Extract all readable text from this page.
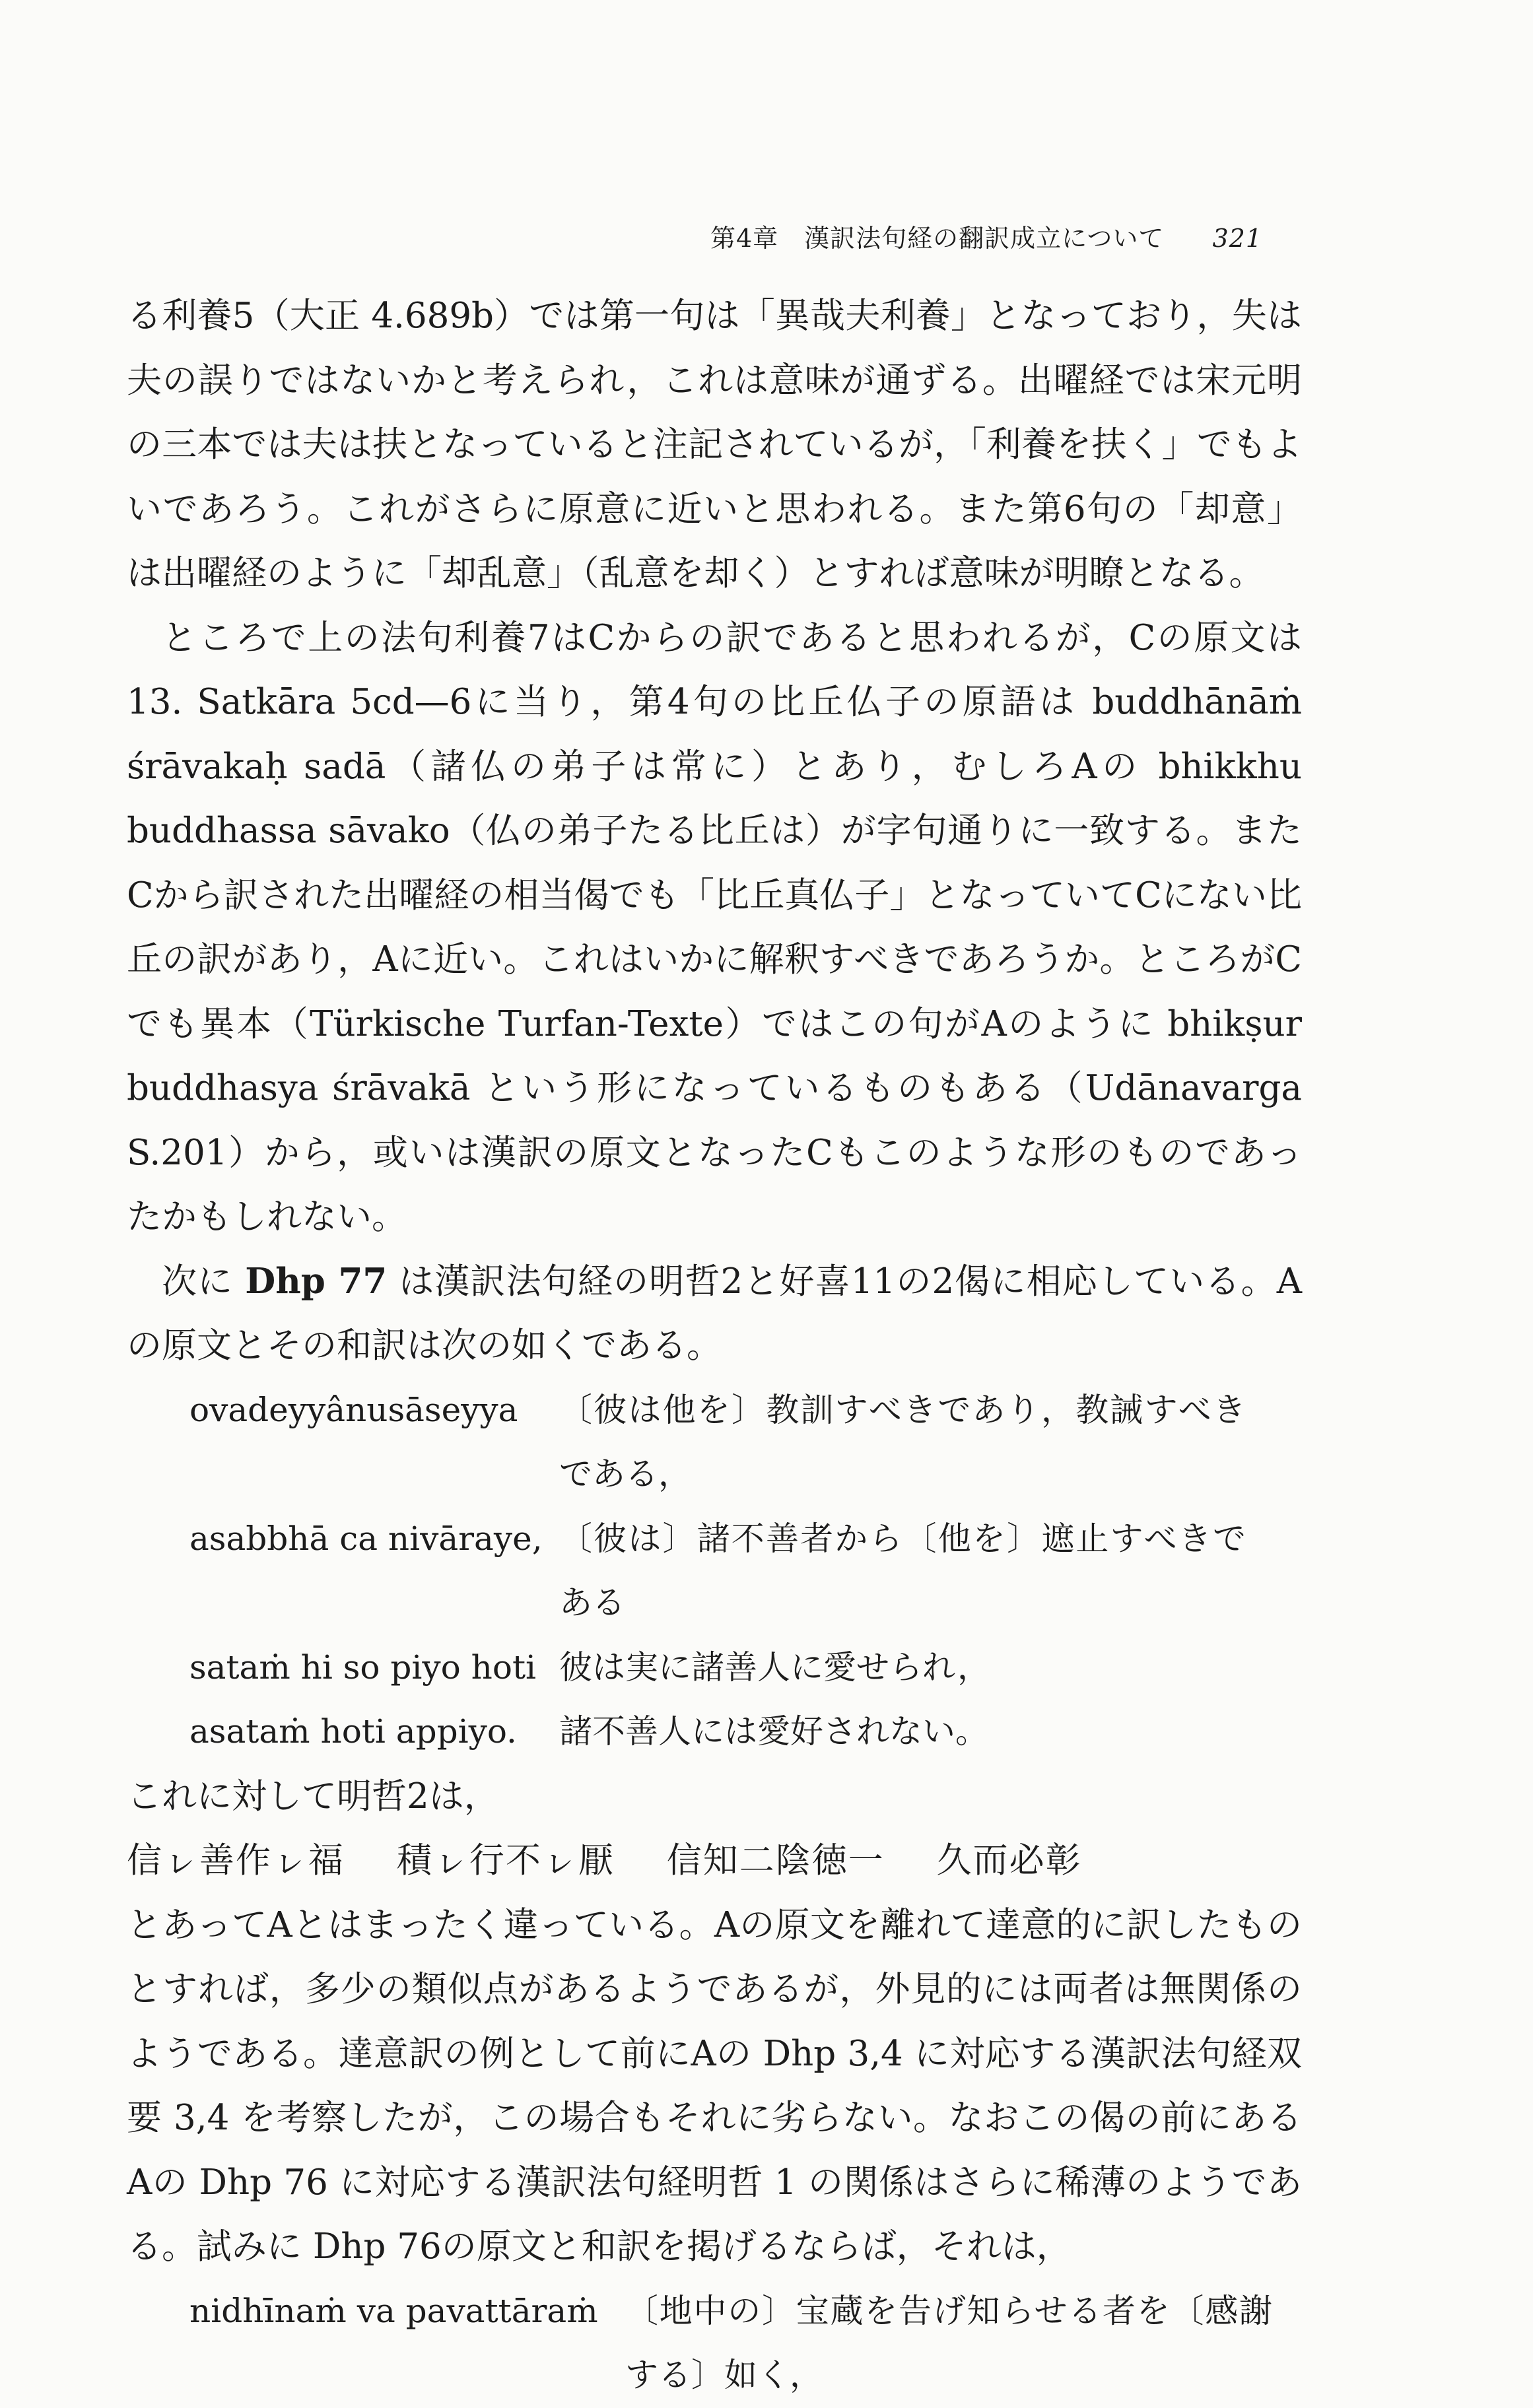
第4章　漢訳法句経の翻訳成立について 321

る利養5（大正 4.689b）では第一句は「異哉夫利養」となっており，失は夫の誤りではないかと考えられ，これは意味が通ずる。出曜経では宋元明の三本では夫は扶となっていると注記されているが，「利養を扶く」でもよいであろう。これがさらに原意に近いと思われる。また第6句の「却意」は出曜経のように「却乱意」（乱意を却く）とすれば意味が明瞭となる。

ところで上の法句利養7はCからの訳であると思われるが，Cの原文は 13. Satkāra 5cd—6に当り，第4句の比丘仏子の原語は buddhānāṁ śrāvakaḥ sadā（諸仏の弟子は常に）とあり，むしろAの bhikkhu buddhassa sāvako（仏の弟子たる比丘は）が字句通りに一致する。またCから訳された出曜経の相当偈でも「比丘真仏子」となっていてCにない比丘の訳があり，Aに近い。これはいかに解釈すべきであろうか。ところがCでも異本（Türkische Turfan-Texte）ではこの句がAのように bhikṣur buddhasya śrāvakā という形になっているものもある（Udānavarga S.201）から，或いは漢訳の原文となったCもこのような形のものであったかもしれない。

次に Dhp 77 は漢訳法句経の明哲2と好喜11の2偈に相応している。Aの原文とその和訳は次の如くである。

ovadeyyânusāseyya	〔彼は他を〕教訓すべきであり，教誡すべきである，
asabbhā ca nivāraye, 〔彼は〕諸不善者から〔他を〕遮止すべきである
sataṁ hi so piyo hoti 彼は実に諸善人に愛せられ，
asataṁ hoti appiyo.	諸不善人には愛好されない。

これに対して明哲2は，

信ㇾ善作ㇾ福 積ㇾ行不ㇾ厭 信知二陰徳一 久而必彰

とあってAとはまったく違っている。Aの原文を離れて達意的に訳したものとすれば，多少の類似点があるようであるが，外見的には両者は無関係のようである。達意訳の例として前にAの Dhp 3,4 に対応する漢訳法句経双要 3,4 を考察したが，この場合もそれに劣らない。なおこの偈の前にあるAの Dhp 76 に対応する漢訳法句経明哲 1 の関係はさらに稀薄のようである。試みに Dhp 76の原文と和訳を掲げるならば，それは，

nidhīnaṁ va pavattāraṁ 〔地中の〕宝蔵を告げ知らせる者を〔感謝する〕如く，
